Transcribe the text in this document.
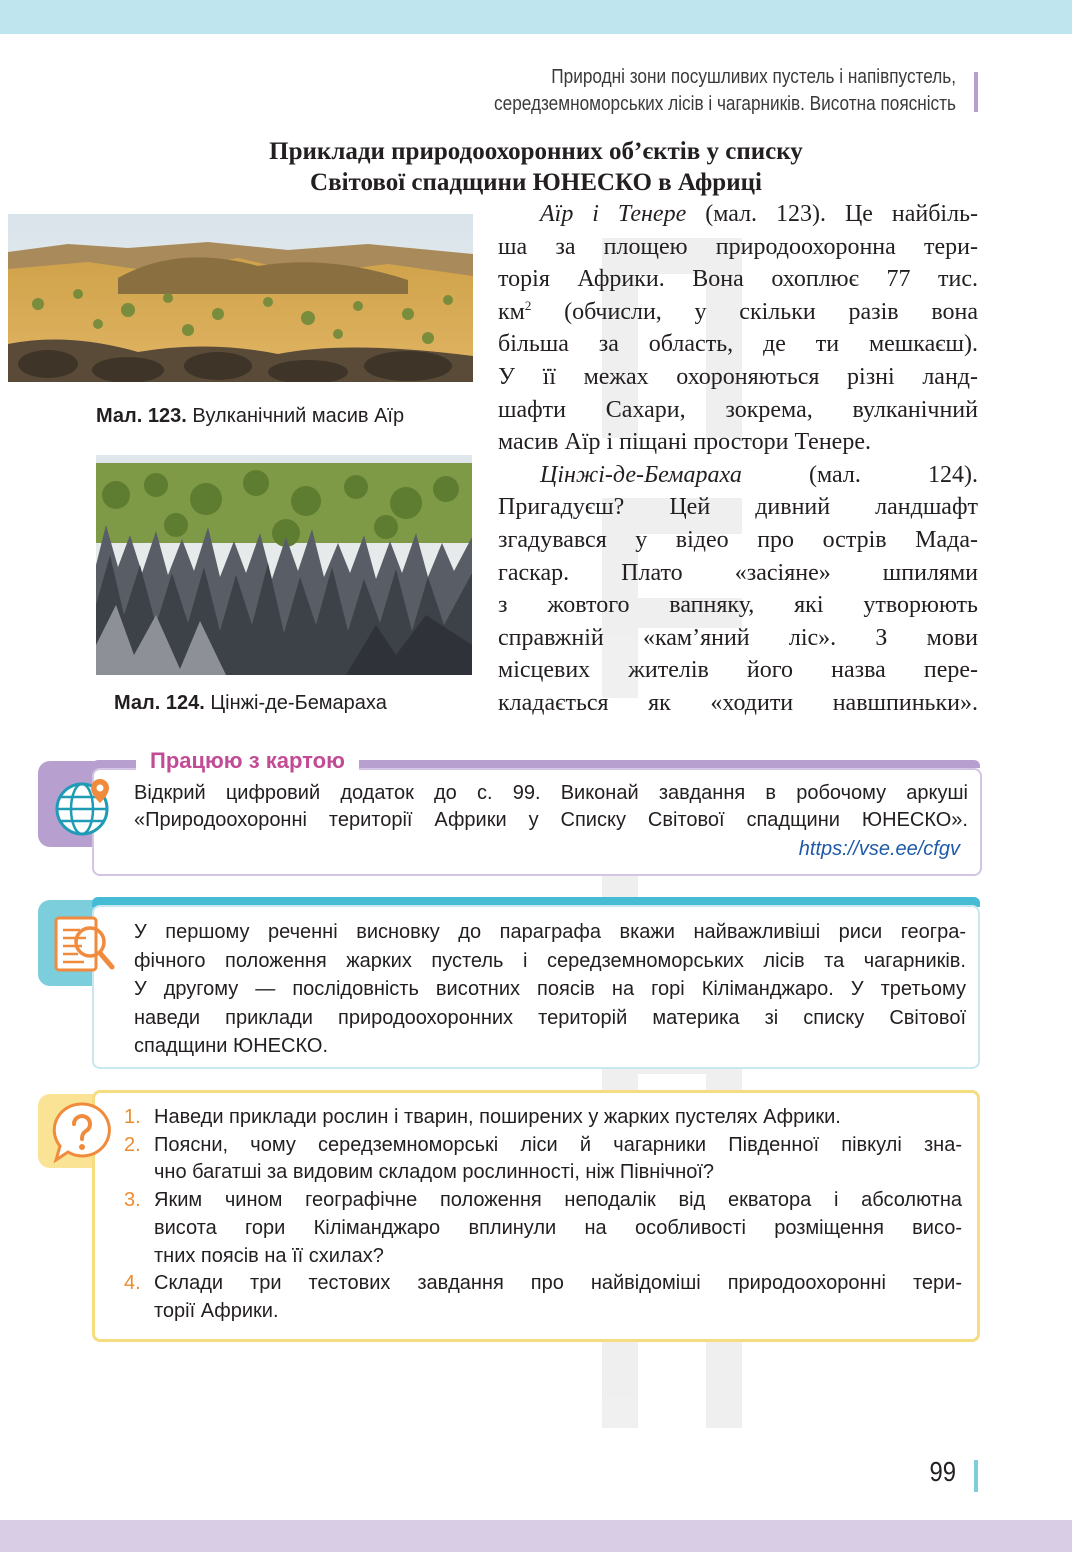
Природні зони посушливих пустель і напівпустель,
середземноморських лісів і чагарників. Висотна поясність
Приклади природоохоронних об’єктів у списку
Світової спадщини ЮНЕСКО в Африці
Мал. 123. Вулканічний масив Аїр
Мал. 124. Цінжі-де-Бемараха

Аїр і Тенере (мал. 123). Це найбіль-

ша за площею природоохоронна тери-

торія Африки. Вона охоплює 77 тис.

$км^2$ (обчисли, у скільки разів вона

більша за область, де ти мешкаєш).

У її межах охороняються різні ланд-

шафти Сахари, зокрема, вулканічний

масив Аїр і піщані простори Тенере.

Цінжі-де-Бемараха (мал. 124).

Пригадуєш? Цей дивний ландшафт

згадувався у відео про острів Мада-

гаскар. Плато «засіяне» шпилями

з жовтого вапняку, які утворюють

справжній «кам’яний ліс». З мови

місцевих жителів його назва пере-

кладається як «ходити навшпиньки».

Працюю з картою
Відкрий цифровий додаток до с. 99. Виконай завдання в робочому аркуші
«Природоохоронні території Африки у Списку Світової спадщини ЮНЕСКО».
https://vse.ee/cfgv

У першому реченні висновку до параграфа вкажи найважливіші риси геогра-

фічного положення жарких пустель і середземноморських лісів та чагарників.

У другому — послідовність висотних поясів на горі Кіліманджаро. У третьому

наведи приклади природоохоронних територій материка зі списку Світової

спадщини ЮНЕСКО.

1. Наведи приклади рослин і тварин, поширених у жарких пустелях Африки.
2. Поясни, чому середземноморські ліси й чагарники Південної півкулі зна-
чно багатші за видовим складом рослинності, ніж Північної?
3. Яким чином географічне положення неподалік від екватора і абсолютна
висота гори Кіліманджаро вплинули на особливості розміщення висо-
тних поясів на її схилах?
4. Склади три тестових завдання про найвідоміші природоохоронні тери-
торії Африки.
99
